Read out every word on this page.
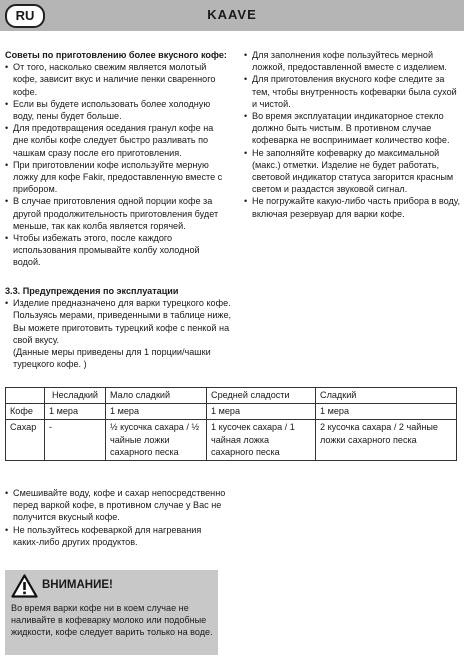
RU	KAAVE
Советы по приготовлению более вкусного кофе:
• От того, насколько свежим является молотый кофе, зависит вкус и наличие пенки сваренного кофе.
• Если вы будете использовать более холодную воду, пены будет больше.
• Для предотвращения оседания гранул кофе на дне колбы кофе следует быстро разливать по чашкам сразу после его приготовления.
• При приготовлении кофе используйте мерную ложку для кофе Fakir, предоставленную вместе с прибором.
• В случае приготовления одной порции кофе за другой продолжительность приготовления будет меньше, так как колба является горячей.
• Чтобы избежать этого, после каждого использования промывайте колбу холодной водой.
• Для заполнения кофе пользуйтесь мерной ложкой, предоставленной вместе с изделием.
• Для приготовления вкусного кофе следите за тем, чтобы внутренность кофеварки была сухой и чистой.
• Во время эксплуатации индикаторное стекло должно быть чистым. В противном случае кофеварка не воспринимает количество кофе.
• Не заполняйте кофеварку до максимальной (макс.) отметки. Изделие не будет работать, световой индикатор статуса загорится красным светом и раздастся звуковой сигнал.
• Не погружайте какую-либо часть прибора в воду, включая резервуар для варки кофе.
3.3. Предупреждения по эксплуатации
• Изделие предназначено для варки турецкого кофе. Пользуясь мерами, приведенными в таблице ниже, Вы можете приготовить турецкий кофе с пенкой на свой вкусу.
(Данные меры приведены для 1 порции/чашки турецкого кофе. )
	Несладкий	Мало сладкий	Средней сладости	Сладкий
Кофе	1 мера	1 мера	1 мера	1 мера
Сахар	-	½ кусочка сахара / ½ чайные ложки сахарного песка	1 кусочек сахара / 1 чайная ложка сахарного песка	2 кусочка сахара / 2 чайные ложки сахарного песка
• Смешивайте воду, кофе и сахар непосредственно перед варкой кофе, в противном случае у Вас не получится вкусный кофе.
• Не пользуйтесь кофеваркой для нагревания каких-либо других продуктов.
ВНИМАНИЕ!
Во время варки кофе ни в коем случае не наливайте в кофеварку молоко или подобные жидкости, кофе следует варить только на воде.
